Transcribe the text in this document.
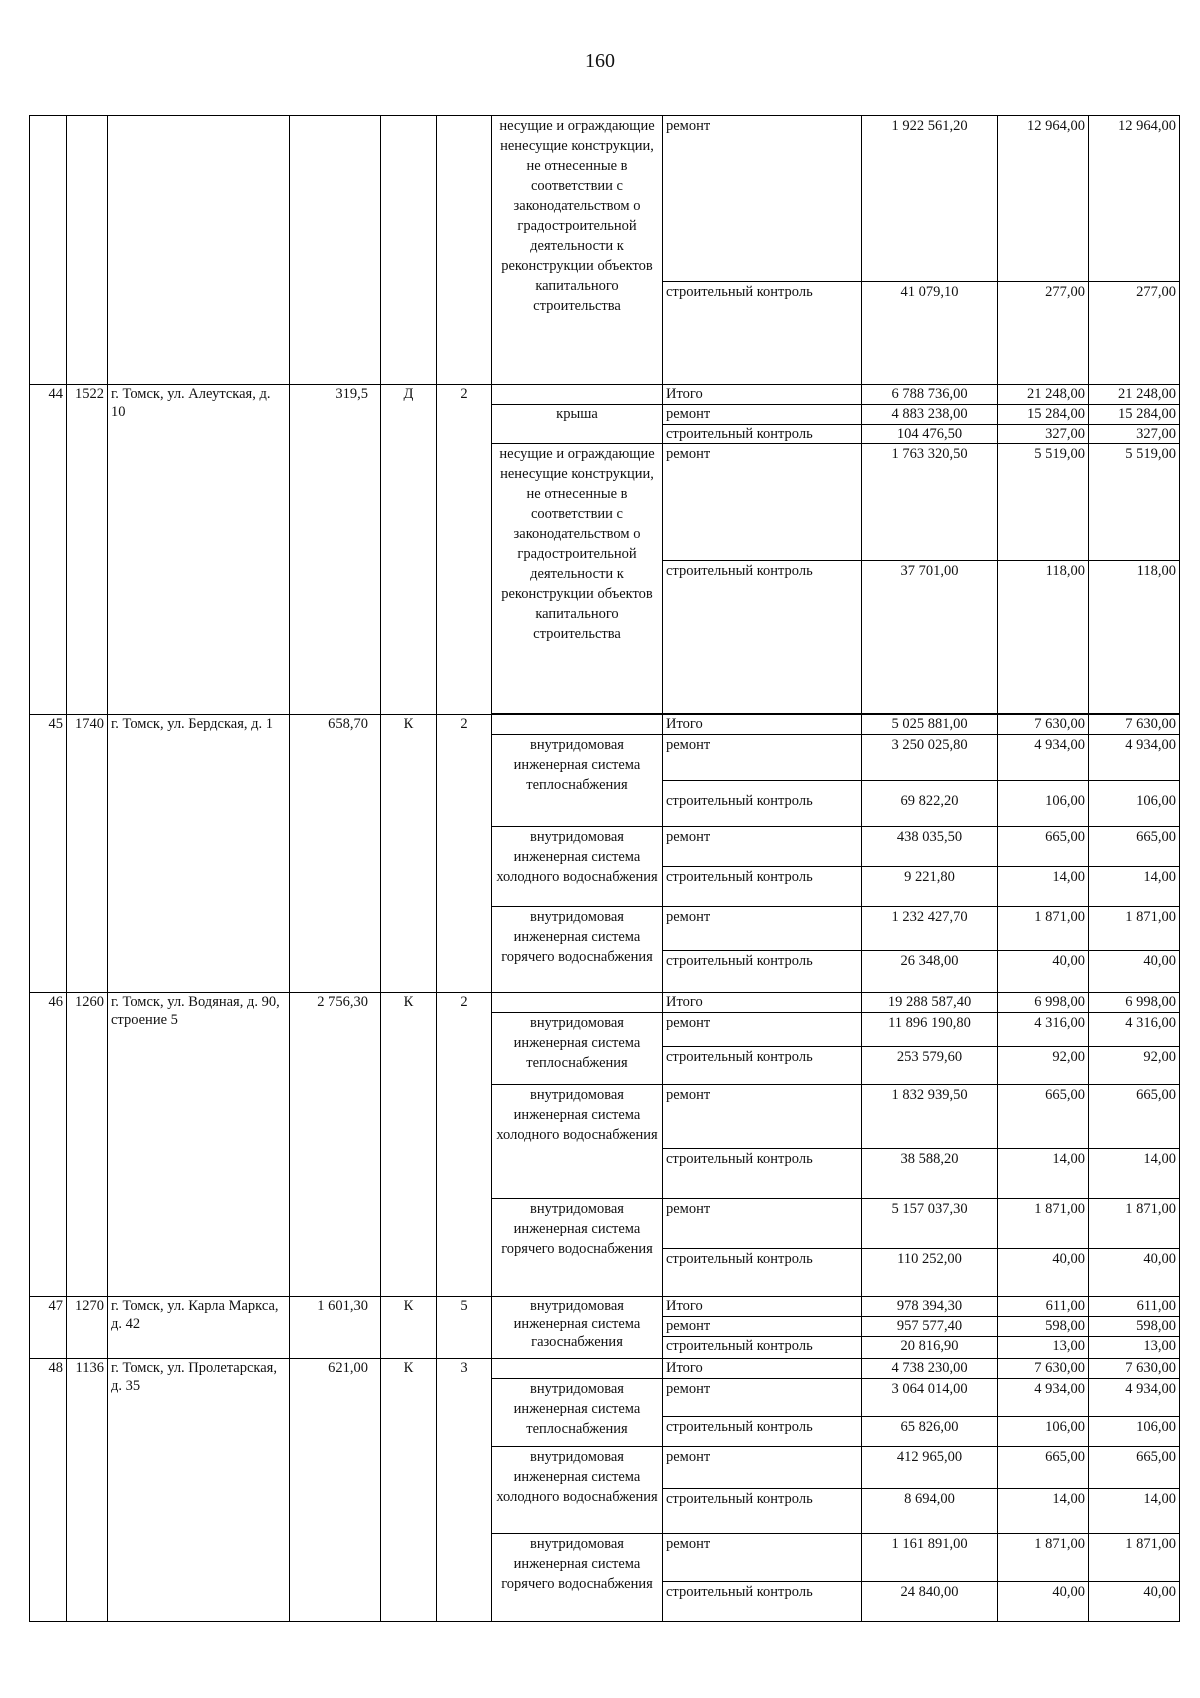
160
						несущие и ограждающие ненесущие конструкции, не отнесенные в соответствии с законодательством о градостроительной деятельности к реконструкции объектов капитального строительства	ремонт	1 922 561,20	12 964,00	12 964,00
							строительный контроль	41 079,10	277,00	277,00
44	1522	г. Томск, ул. Алеутская, д. 10	319,5	Д	2		Итого	6 788 736,00	21 248,00	21 248,00
						крыша	ремонт	4 883 238,00	15 284,00	15 284,00
							строительный контроль	104 476,50	327,00	327,00
						несущие и ограждающие ненесущие конструкции, не отнесенные в соответствии с законодательством о градостроительной деятельности к реконструкции объектов капитального строительства	ремонт	1 763 320,50	5 519,00	5 519,00
							строительный контроль	37 701,00	118,00	118,00

45	1740	г. Томск, ул. Бердская, д. 1	658,70	К	2		Итого	5 025 881,00	7 630,00	7 630,00
						внутридомовая инженерная система теплоснабжения	ремонт	3 250 025,80	4 934,00	4 934,00
							строительный контроль	69 822,20	106,00	106,00
						внутридомовая инженерная система холодного водоснабжения	ремонт	438 035,50	665,00	665,00
							строительный контроль	9 221,80	14,00	14,00
						внутридомовая инженерная система горячего водоснабжения	ремонт	1 232 427,70	1 871,00	1 871,00
							строительный контроль	26 348,00	40,00	40,00
46	1260	г. Томск, ул. Водяная, д. 90, строение 5	2 756,30	К	2		Итого	19 288 587,40	6 998,00	6 998,00
						внутридомовая инженерная система теплоснабжения	ремонт	11 896 190,80	4 316,00	4 316,00
							строительный контроль	253 579,60	92,00	92,00
						внутридомовая инженерная система холодного водоснабжения	ремонт	1 832 939,50	665,00	665,00
							строительный контроль	38 588,20	14,00	14,00
						внутридомовая инженерная система горячего водоснабжения	ремонт	5 157 037,30	1 871,00	1 871,00
							строительный контроль	110 252,00	40,00	40,00
47	1270	г. Томск, ул. Карла Маркса, д. 42	1 601,30	К	5	внутридомовая инженерная система газоснабжения	Итого	978 394,30	611,00	611,00
							ремонт	957 577,40	598,00	598,00
							строительный контроль	20 816,90	13,00	13,00
48	1136	г. Томск, ул. Пролетарская, д. 35	621,00	К	3		Итого	4 738 230,00	7 630,00	7 630,00
						внутридомовая инженерная система теплоснабжения	ремонт	3 064 014,00	4 934,00	4 934,00
							строительный контроль	65 826,00	106,00	106,00
						внутридомовая инженерная система холодного водоснабжения	ремонт	412 965,00	665,00	665,00
							строительный контроль	8 694,00	14,00	14,00
						внутридомовая инженерная система горячего водоснабжения	ремонт	1 161 891,00	1 871,00	1 871,00
							строительный контроль	24 840,00	40,00	40,00
